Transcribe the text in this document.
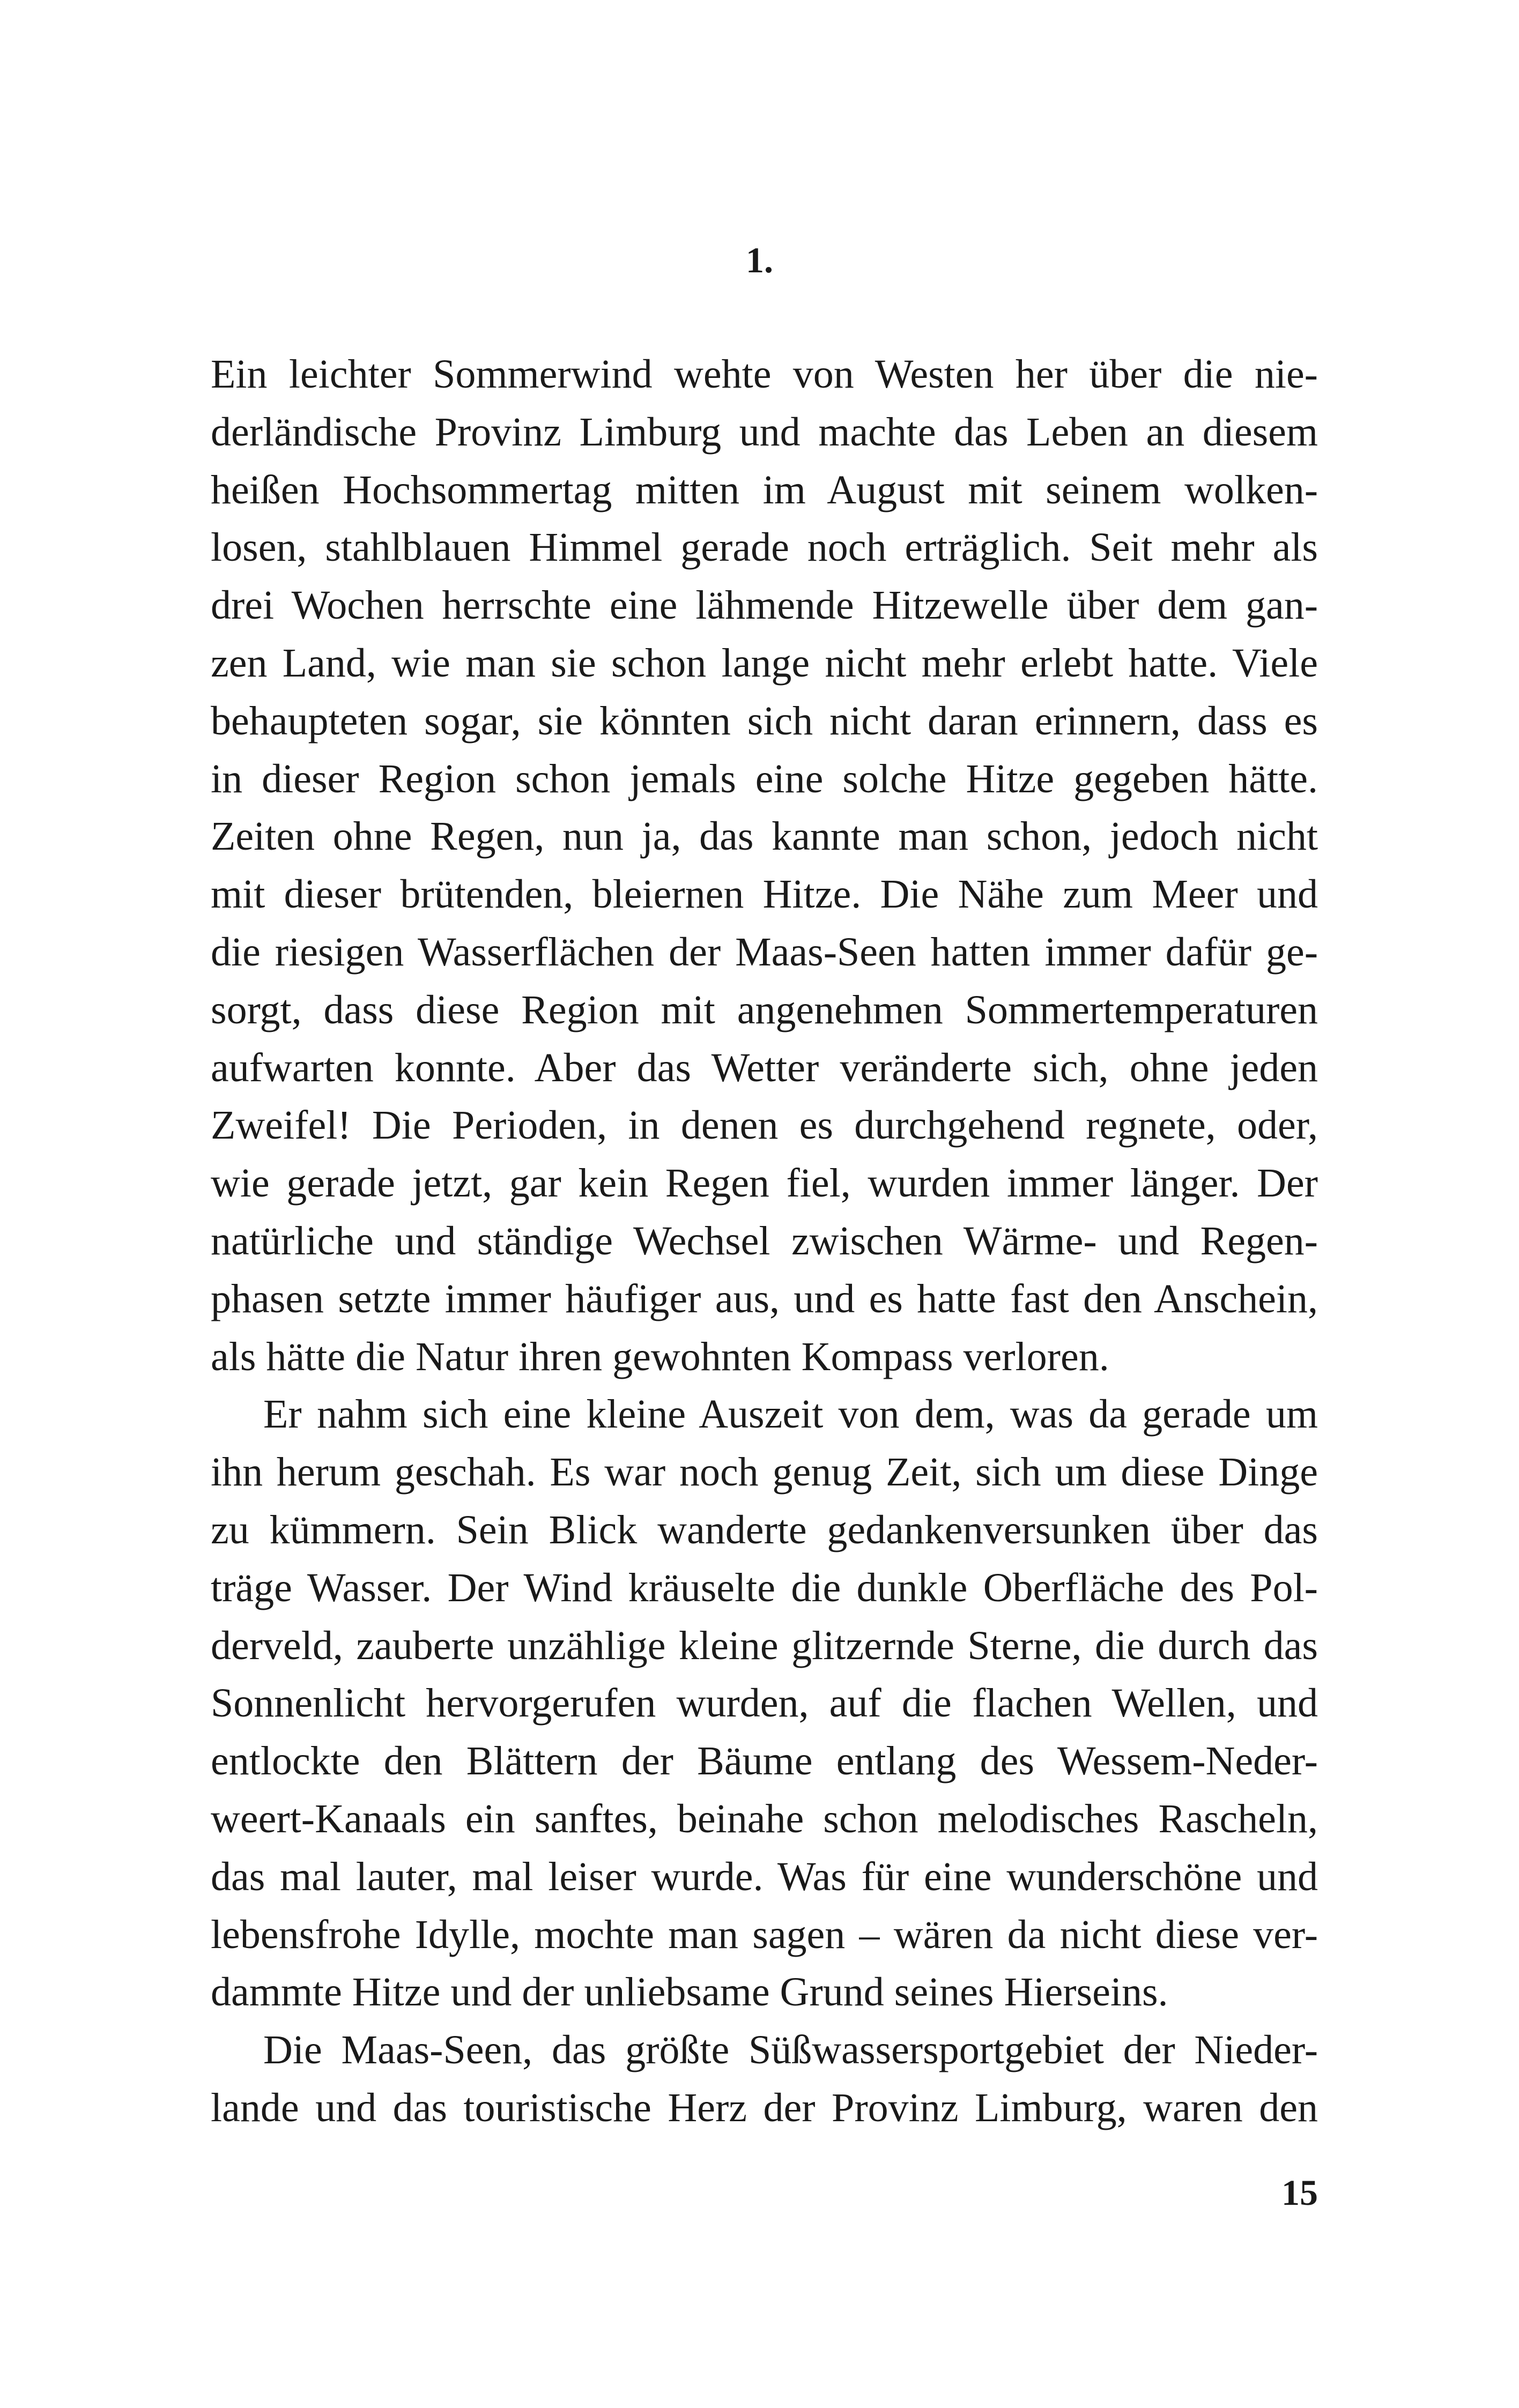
1.
Ein leichter Sommerwind wehte von Westen her über die nie-
derländische Provinz Limburg und machte das Leben an diesem
heißen Hochsommertag mitten im August mit seinem wolken-
losen, stahlblauen Himmel gerade noch erträglich. Seit mehr als
drei Wochen herrschte eine lähmende Hitzewelle über dem gan-
zen Land, wie man sie schon lange nicht mehr erlebt hatte. Viele
behaupteten sogar, sie könnten sich nicht daran erinnern, dass es
in dieser Region schon jemals eine solche Hitze gegeben hätte.
Zeiten ohne Regen, nun ja, das kannte man schon, jedoch nicht
mit dieser brütenden, bleiernen Hitze. Die Nähe zum Meer und
die riesigen Wasserflächen der Maas-Seen hatten immer dafür ge-
sorgt, dass diese Region mit angenehmen Sommertemperaturen
aufwarten konnte. Aber das Wetter veränderte sich, ohne jeden
Zweifel! Die Perioden, in denen es durchgehend regnete, oder,
wie gerade jetzt, gar kein Regen fiel, wurden immer länger. Der
natürliche und ständige Wechsel zwischen Wärme- und Regen-
phasen setzte immer häufiger aus, und es hatte fast den Anschein,
als hätte die Natur ihren gewohnten Kompass verloren.
Er nahm sich eine kleine Auszeit von dem, was da gerade um
ihn herum geschah. Es war noch genug Zeit, sich um diese Dinge
zu kümmern. Sein Blick wanderte gedankenversunken über das
träge Wasser. Der Wind kräuselte die dunkle Oberfläche des Pol-
derveld, zauberte unzählige kleine glitzernde Sterne, die durch das
Sonnenlicht hervorgerufen wurden, auf die flachen Wellen, und
entlockte den Blättern der Bäume entlang des Wessem-Neder-
weert-Kanaals ein sanftes, beinahe schon melodisches Rascheln,
das mal lauter, mal leiser wurde. Was für eine wunderschöne und
lebensfrohe Idylle, mochte man sagen – wären da nicht diese ver-
dammte Hitze und der unliebsame Grund seines Hierseins.
Die Maas-Seen, das größte Süßwassersportgebiet der Nieder-
lande und das touristische Herz der Provinz Limburg, waren den
15
